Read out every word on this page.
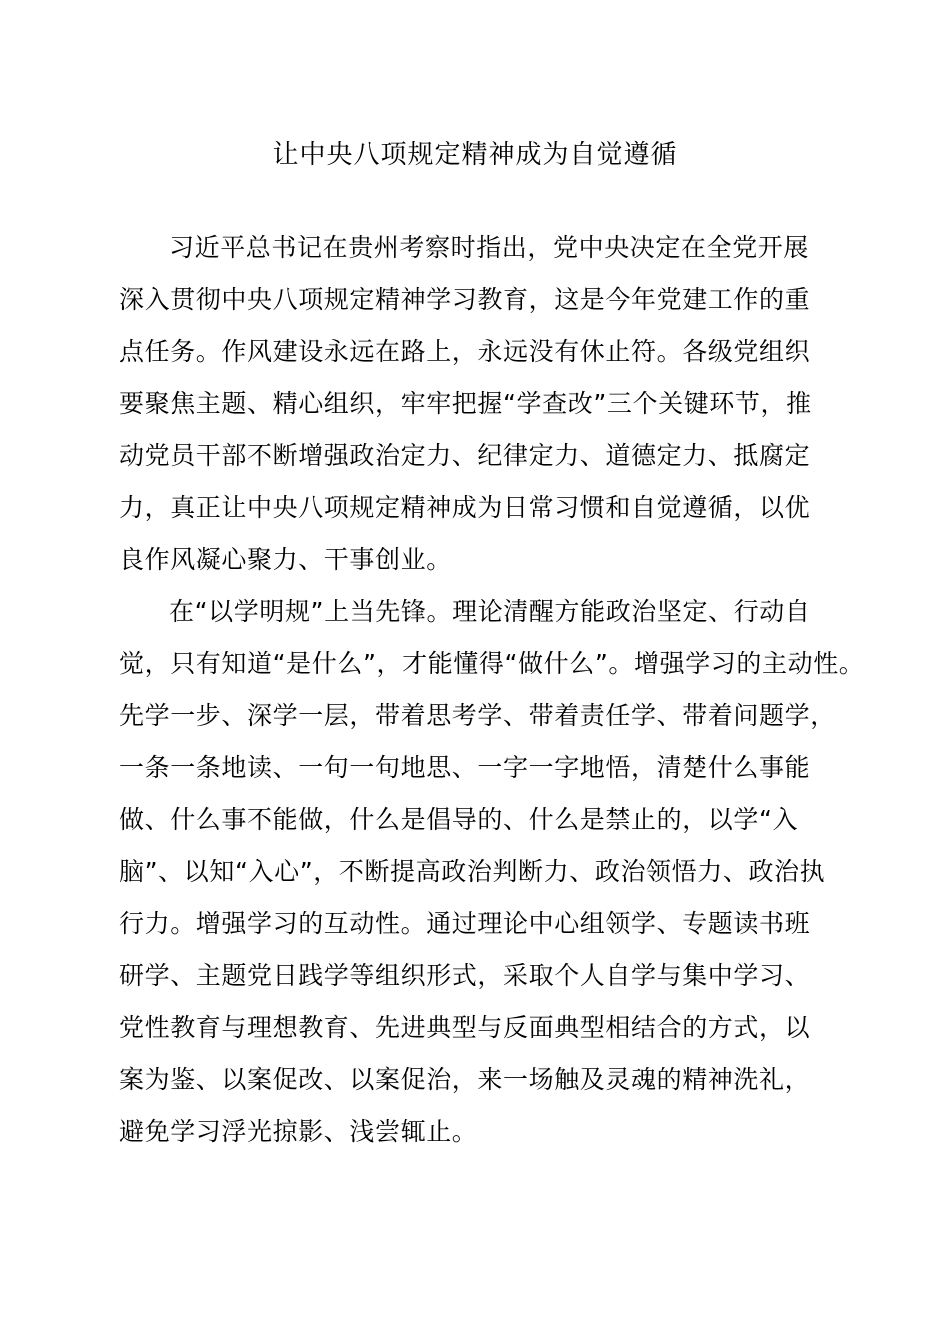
让中央八项规定精神成为自觉遵循
习近平总书记在贵州考察时指出，党中央决定在全党开展
深入贯彻中央八项规定精神学习教育，这是今年党建工作的重
点任务。作风建设永远在路上，永远没有休止符。各级党组织
要聚焦主题、精心组织，牢牢把握“学查改”三个关键环节，推
动党员干部不断增强政治定力、纪律定力、道德定力、抵腐定
力，真正让中央八项规定精神成为日常习惯和自觉遵循，以优
良作风凝心聚力、干事创业。
在“以学明规”上当先锋。理论清醒方能政治坚定、行动自
觉，只有知道“是什么”，才能懂得“做什么”。增强学习的主动性。
先学一步、深学一层，带着思考学、带着责任学、带着问题学，
一条一条地读、一句一句地思、一字一字地悟，清楚什么事能
做、什么事不能做，什么是倡导的、什么是禁止的，以学“入
脑”、以知“入心”，不断提高政治判断力、政治领悟力、政治执
行力。增强学习的互动性。通过理论中心组领学、专题读书班
研学、主题党日践学等组织形式，采取个人自学与集中学习、
党性教育与理想教育、先进典型与反面典型相结合的方式，以
案为鉴、以案促改、以案促治，来一场触及灵魂的精神洗礼，
避免学习浮光掠影、浅尝辄止。
